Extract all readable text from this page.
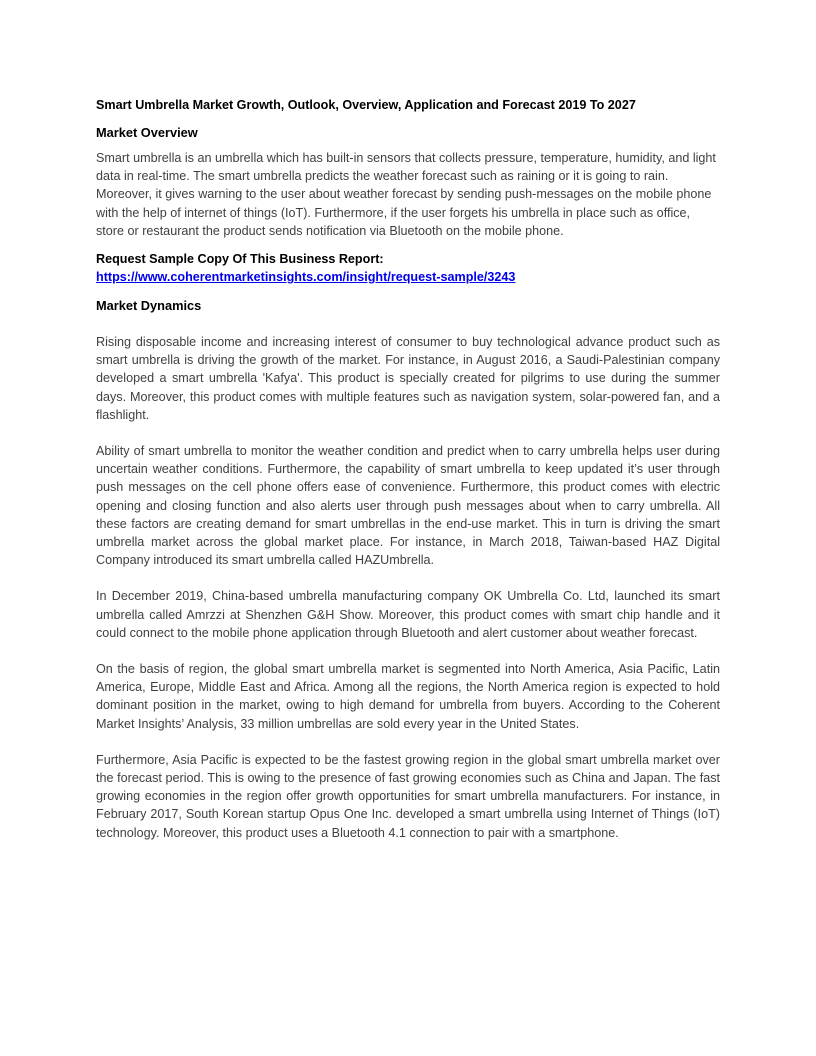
Smart Umbrella Market Growth, Outlook, Overview, Application and Forecast 2019 To 2027

Market Overview

Smart umbrella is an umbrella which has built-in sensors that collects pressure, temperature, humidity, and light data in real-time. The smart umbrella predicts the weather forecast such as raining or it is going to rain. Moreover, it gives warning to the user about weather forecast by sending push-messages on the mobile phone with the help of internet of things (IoT). Furthermore, if the user forgets his umbrella in place such as office, store or restaurant the product sends notification via Bluetooth on the mobile phone.

Request Sample Copy Of This Business Report:

https://www.coherentmarketinsights.com/insight/request-sample/3243

Market Dynamics

Rising disposable income and increasing interest of consumer to buy technological advance product such as smart umbrella is driving the growth of the market. For instance, in August 2016, a Saudi-Palestinian company developed a smart umbrella 'Kafya'. This product is specially created for pilgrims to use during the summer days. Moreover, this product comes with multiple features such as navigation system, solar-powered fan, and a flashlight.

Ability of smart umbrella to monitor the weather condition and predict when to carry umbrella helps user during uncertain weather conditions. Furthermore, the capability of smart umbrella to keep updated it’s user through push messages on the cell phone offers ease of convenience. Furthermore, this product comes with electric opening and closing function and also alerts user through push messages about when to carry umbrella. All these factors are creating demand for smart umbrellas in the end-use market. This in turn is driving the smart umbrella market across the global market place. For instance, in March 2018, Taiwan-based HAZ Digital Company introduced its smart umbrella called HAZUmbrella.

In December 2019, China-based umbrella manufacturing company OK Umbrella Co. Ltd, launched its smart umbrella called Amrzzi at Shenzhen G&H Show. Moreover, this product comes with smart chip handle and it could connect to the mobile phone application through Bluetooth and alert customer about weather forecast.

On the basis of region, the global smart umbrella market is segmented into North America, Asia Pacific, Latin America, Europe, Middle East and Africa. Among all the regions, the North America region is expected to hold dominant position in the market, owing to high demand for umbrella from buyers. According to the Coherent Market Insights’ Analysis, 33 million umbrellas are sold every year in the United States.

Furthermore, Asia Pacific is expected to be the fastest growing region in the global smart umbrella market over the forecast period. This is owing to the presence of fast growing economies such as China and Japan. The fast growing economies in the region offer growth opportunities for smart umbrella manufacturers. For instance, in February 2017, South Korean startup Opus One Inc. developed a smart umbrella using Internet of Things (IoT) technology. Moreover, this product uses a Bluetooth 4.1 connection to pair with a smartphone.
